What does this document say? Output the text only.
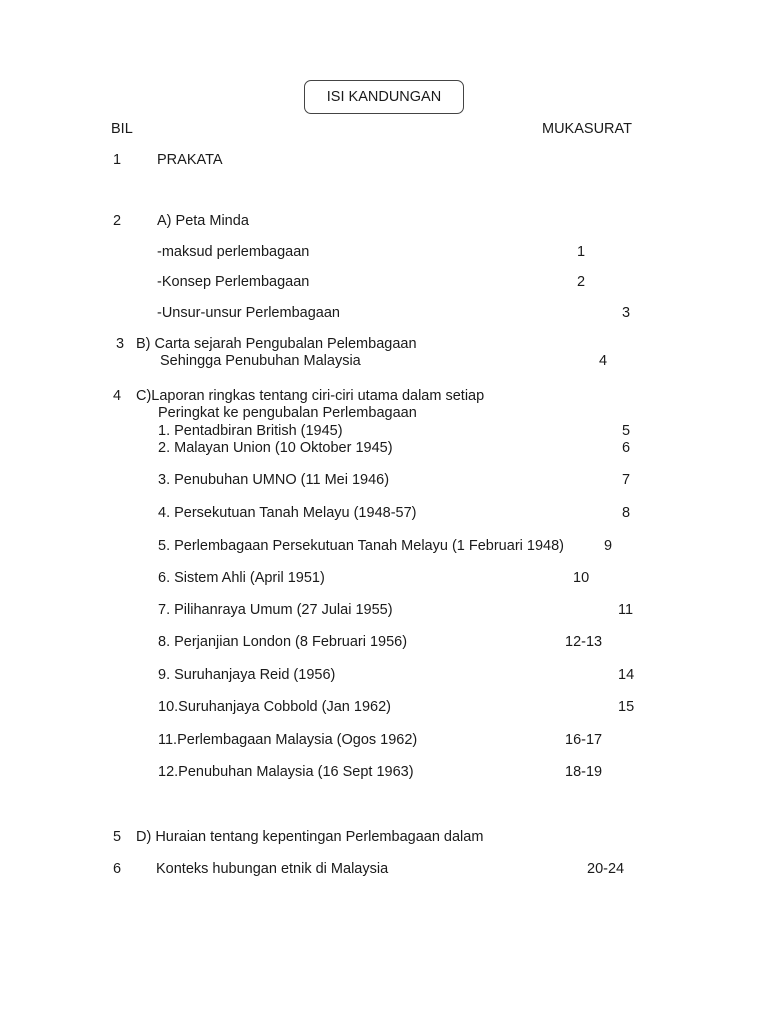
ISI KANDUNGAN
BIL	MUKASURAT
1 PRAKATA
2 A) Peta Minda
-maksud perlembagaan	1
-Konsep Perlembagaan	2
-Unsur-unsur Perlembagaan	3
3 B) Carta sejarah Pengubalan Pelembagaan
Sehingga Penubuhan Malaysia	4
4 C)Laporan ringkas tentang ciri-ciri utama dalam setiap
Peringkat ke pengubalan Perlembagaan
1. Pentadbiran British (1945)	5
2. Malayan Union (10 Oktober 1945)	6
3. Penubuhan UMNO (11 Mei 1946)	7
4. Persekutuan Tanah Melayu (1948-57)	8
5. Perlembagaan Persekutuan Tanah Melayu (1 Februari 1948)	9
6. Sistem Ahli (April 1951)	10
7. Pilihanraya Umum (27 Julai 1955)	11
8. Perjanjian London (8 Februari 1956)	12-13
9. Suruhanjaya Reid (1956)	14
10.Suruhanjaya Cobbold (Jan 1962)	15
11.Perlembagaan Malaysia (Ogos 1962)	16-17
12.Penubuhan Malaysia (16 Sept 1963)	18-19
5 D) Huraian tentang kepentingan Perlembagaan dalam
6 Konteks hubungan etnik di Malaysia	20-24
